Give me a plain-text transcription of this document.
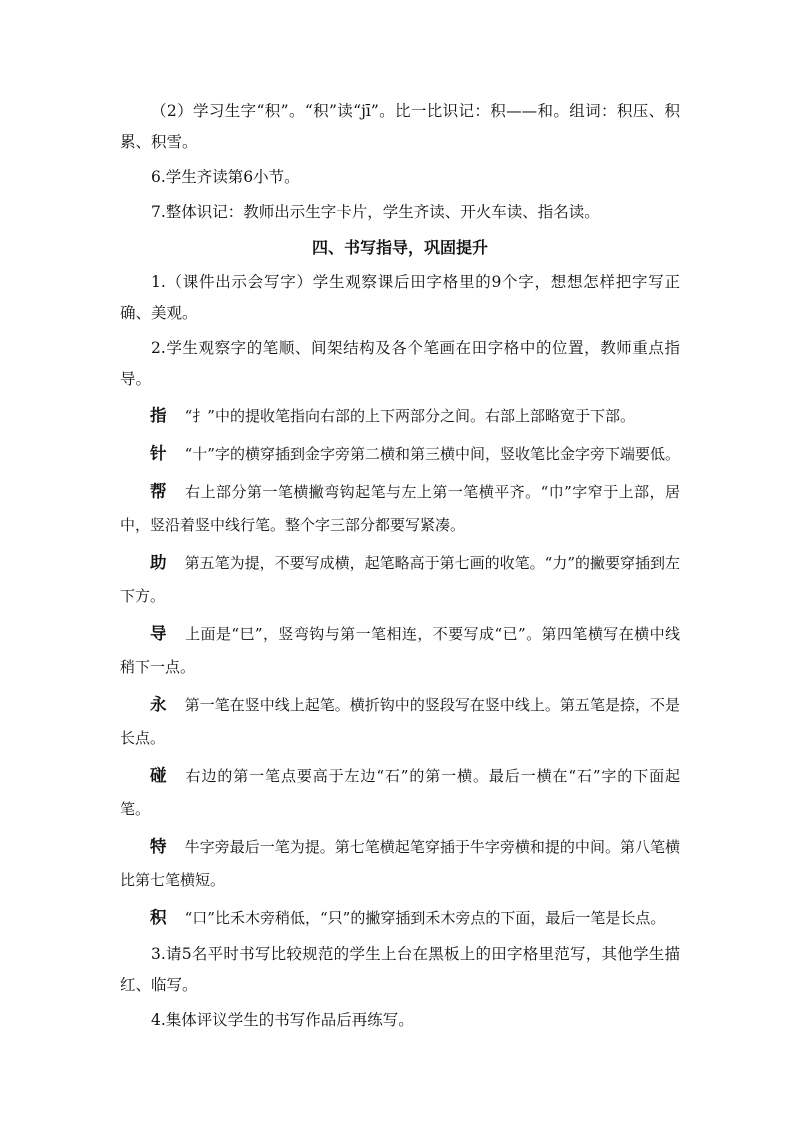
（2）学习生字“积”。“积”读“jī”。比一比识记：积——和。组词：积压、积累、积雪。

6.学生齐读第6小节。

7.整体识记：教师出示生字卡片，学生齐读、开火车读、指名读。

四、书写指导，巩固提升

1.（课件出示会写字）学生观察课后田字格里的9个字，想想怎样把字写正确、美观。

2.学生观察字的笔顺、间架结构及各个笔画在田字格中的位置，教师重点指导。

指 “扌”中的提收笔指向右部的上下两部分之间。右部上部略宽于下部。

针 “十”字的横穿插到金字旁第二横和第三横中间，竖收笔比金字旁下端要低。

帮 右上部分第一笔横撇弯钩起笔与左上第一笔横平齐。“巾”字窄于上部，居中，竖沿着竖中线行笔。整个字三部分都要写紧凑。

助 第五笔为提，不要写成横，起笔略高于第七画的收笔。“力”的撇要穿插到左下方。

导 上面是“巳”，竖弯钩与第一笔相连，不要写成“已”。第四笔横写在横中线稍下一点。

永 第一笔在竖中线上起笔。横折钩中的竖段写在竖中线上。第五笔是捺，不是长点。

碰 右边的第一笔点要高于左边“石”的第一横。最后一横在“石”字的下面起笔。

特 牛字旁最后一笔为提。第七笔横起笔穿插于牛字旁横和提的中间。第八笔横比第七笔横短。

积 “口”比禾木旁稍低，“只”的撇穿插到禾木旁点的下面，最后一笔是长点。

3.请5名平时书写比较规范的学生上台在黑板上的田字格里范写，其他学生描红、临写。

4.集体评议学生的书写作品后再练写。
